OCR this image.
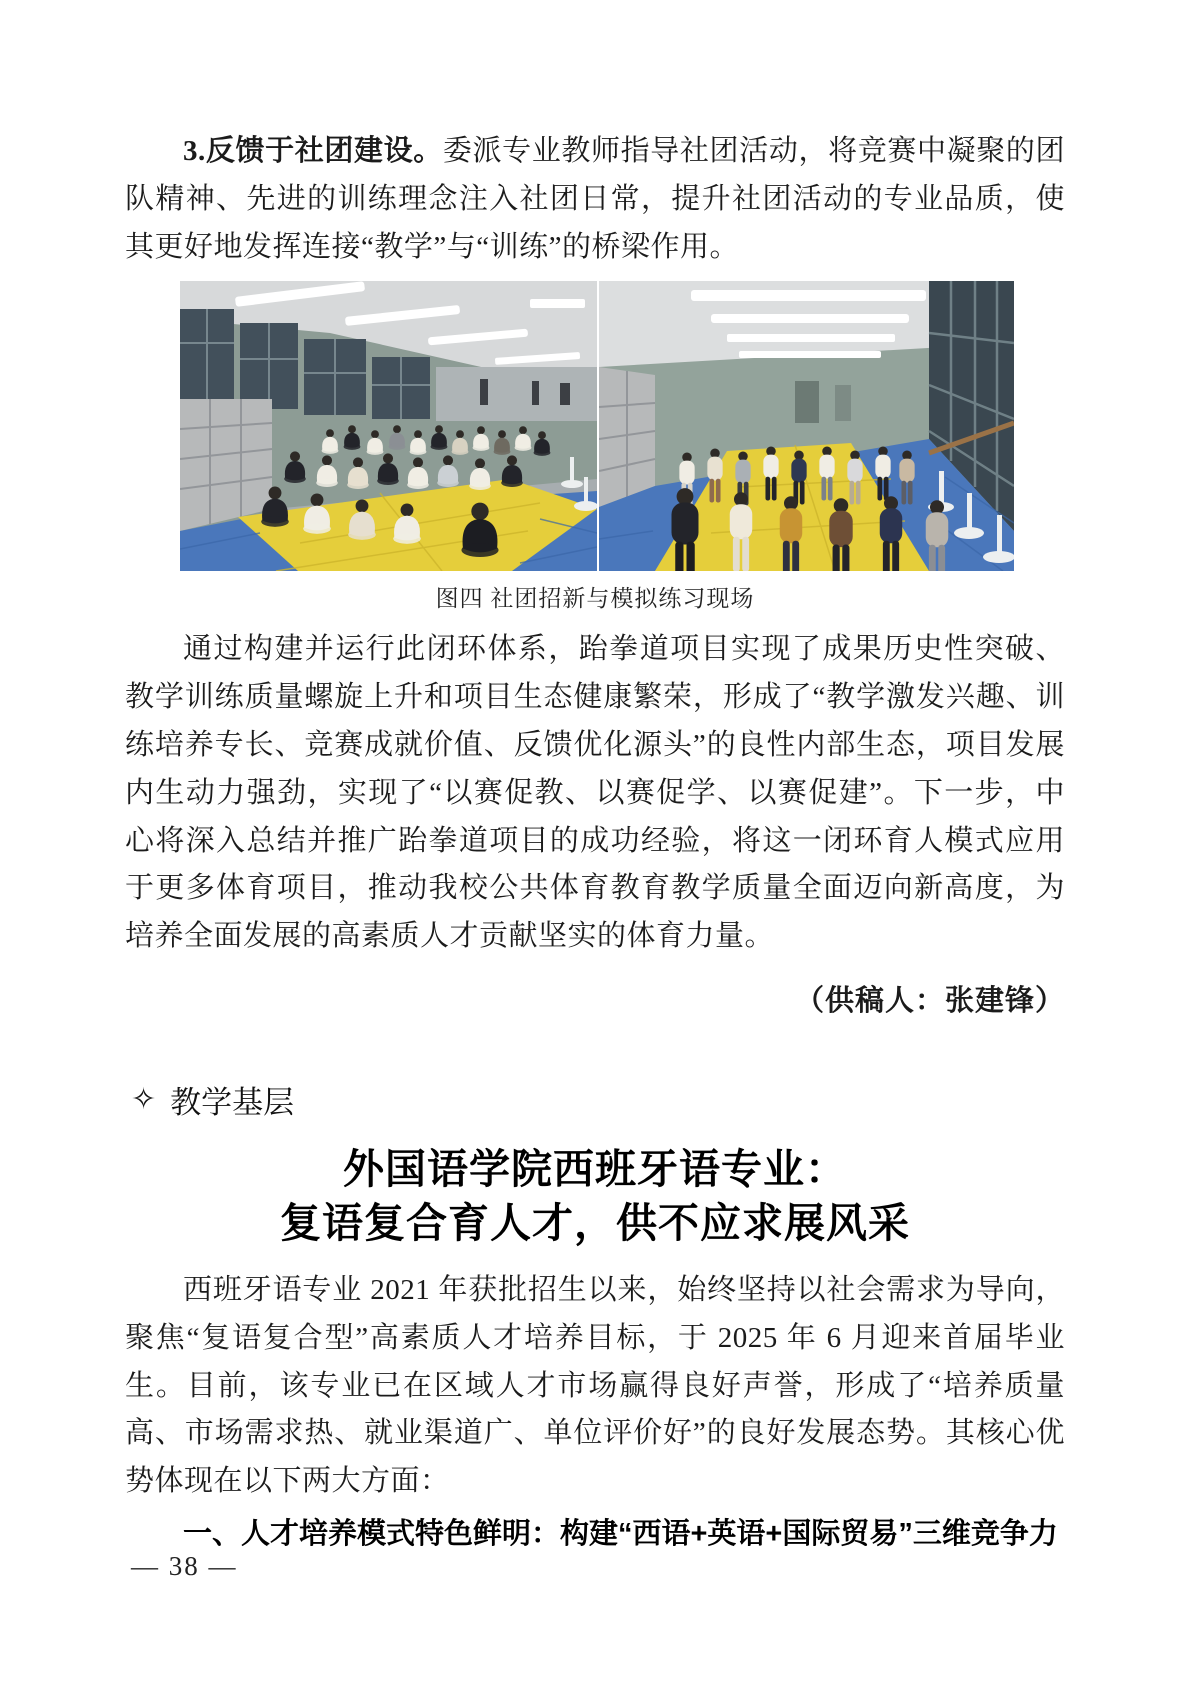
3.反馈于社团建设。委派专业教师指导社团活动，将竞赛中凝聚的团队精神、先进的训练理念注入社团日常，提升社团活动的专业品质，使其更好地发挥连接“教学”与“训练”的桥梁作用。

图四 社团招新与模拟练习现场

通过构建并运行此闭环体系，跆拳道项目实现了成果历史性突破、教学训练质量螺旋上升和项目生态健康繁荣，形成了“教学激发兴趣、训练培养专长、竞赛成就价值、反馈优化源头”的良性内部生态，项目发展内生动力强劲，实现了“以赛促教、以赛促学、以赛促建”。下一步，中心将深入总结并推广跆拳道项目的成功经验，将这一闭环育人模式应用于更多体育项目，推动我校公共体育教育教学质量全面迈向新高度，为培养全面发展的高素质人才贡献坚实的体育力量。

（供稿人：张建锋）
✧ 教学基层
外国语学院西班牙语专业：
复语复合育人才，供不应求展风采

西班牙语专业 2021 年获批招生以来，始终坚持以社会需求为导向，聚焦“复语复合型”高素质人才培养目标，于 2025 年 6 月迎来首届毕业生。目前，该专业已在区域人才市场赢得良好声誉，形成了“培养质量高、市场需求热、就业渠道广、单位评价好”的良好发展态势。其核心优势体现在以下两大方面：

一、人才培养模式特色鲜明：构建“西语+英语+国际贸易”三维竞争力
— 38 —
